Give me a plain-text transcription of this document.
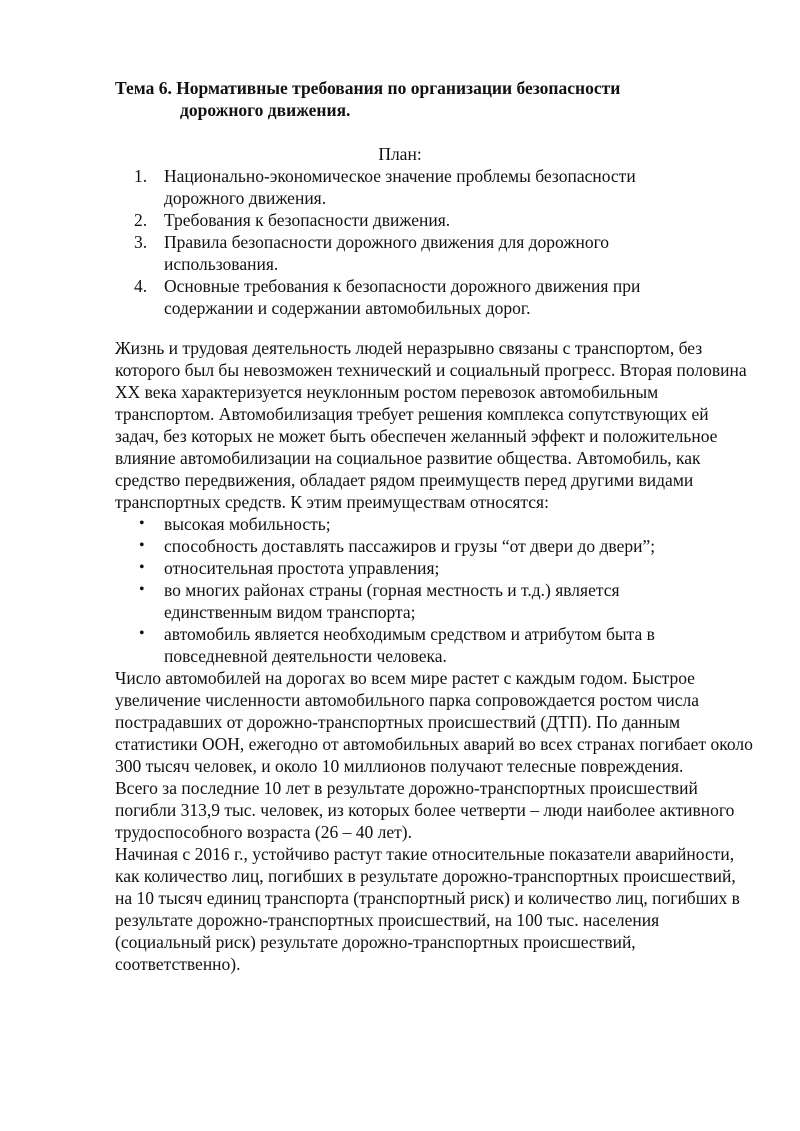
Тема 6. Нормативные требования по организации безопасности
дорожного движения.
План:
1. Национально-экономическое значение проблемы безопасности дорожного движения.
2. Требования к безопасности движения.
3. Правила безопасности дорожного движения для дорожного использования.
4. Основные требования к безопасности дорожного движения при содержании и содержании автомобильных дорог.

Жизнь и трудовая деятельность людей неразрывно связаны с транспортом, без которого был бы невозможен технический и социальный прогресс. Вторая половина XX века характеризуется неуклонным ростом перевозок автомобильным транспортом. Автомобилизация требует решения комплекса сопутствующих ей задач, без которых не может быть обеспечен желанный эффект и положительное влияние автомобилизации на социальное развитие общества. Автомобиль, как средство передвижения, обладает рядом преимуществ перед другими видами транспортных средств. К этим преимуществам относятся:

• высокая мобильность;
• способность доставлять пассажиров и грузы “от двери до двери”;
• относительная простота управления;
• во многих районах страны (горная местность и т.д.) является единственным видом транспорта;
• автомобиль является необходимым средством и атрибутом быта в повседневной деятельности человека.

Число автомобилей на дорогах во всем мире растет с каждым годом. Быстрое увеличение численности автомобильного парка сопровождается ростом числа пострадавших от дорожно-транспортных происшествий (ДТП). По данным статистики ООН, ежегодно от автомобильных аварий во всех странах погибает около 300 тысяч человек, и около 10 миллионов получают телесные повреждения.

Всего за последние 10 лет в результате дорожно-транспортных происшествий погибли 313,9 тыс. человек, из которых более четверти – люди наиболее активного трудоспособного возраста (26 – 40 лет).

Начиная с 2016 г., устойчиво растут такие относительные показатели аварийности, как количество лиц, погибших в результате дорожно-транспортных происшествий, на 10 тысяч единиц транспорта (транспортный риск) и количество лиц, погибших в результате дорожно-транспортных происшествий, на 100 тыс. населения (социальный риск) результате дорожно-транспортных происшествий, соответственно).
